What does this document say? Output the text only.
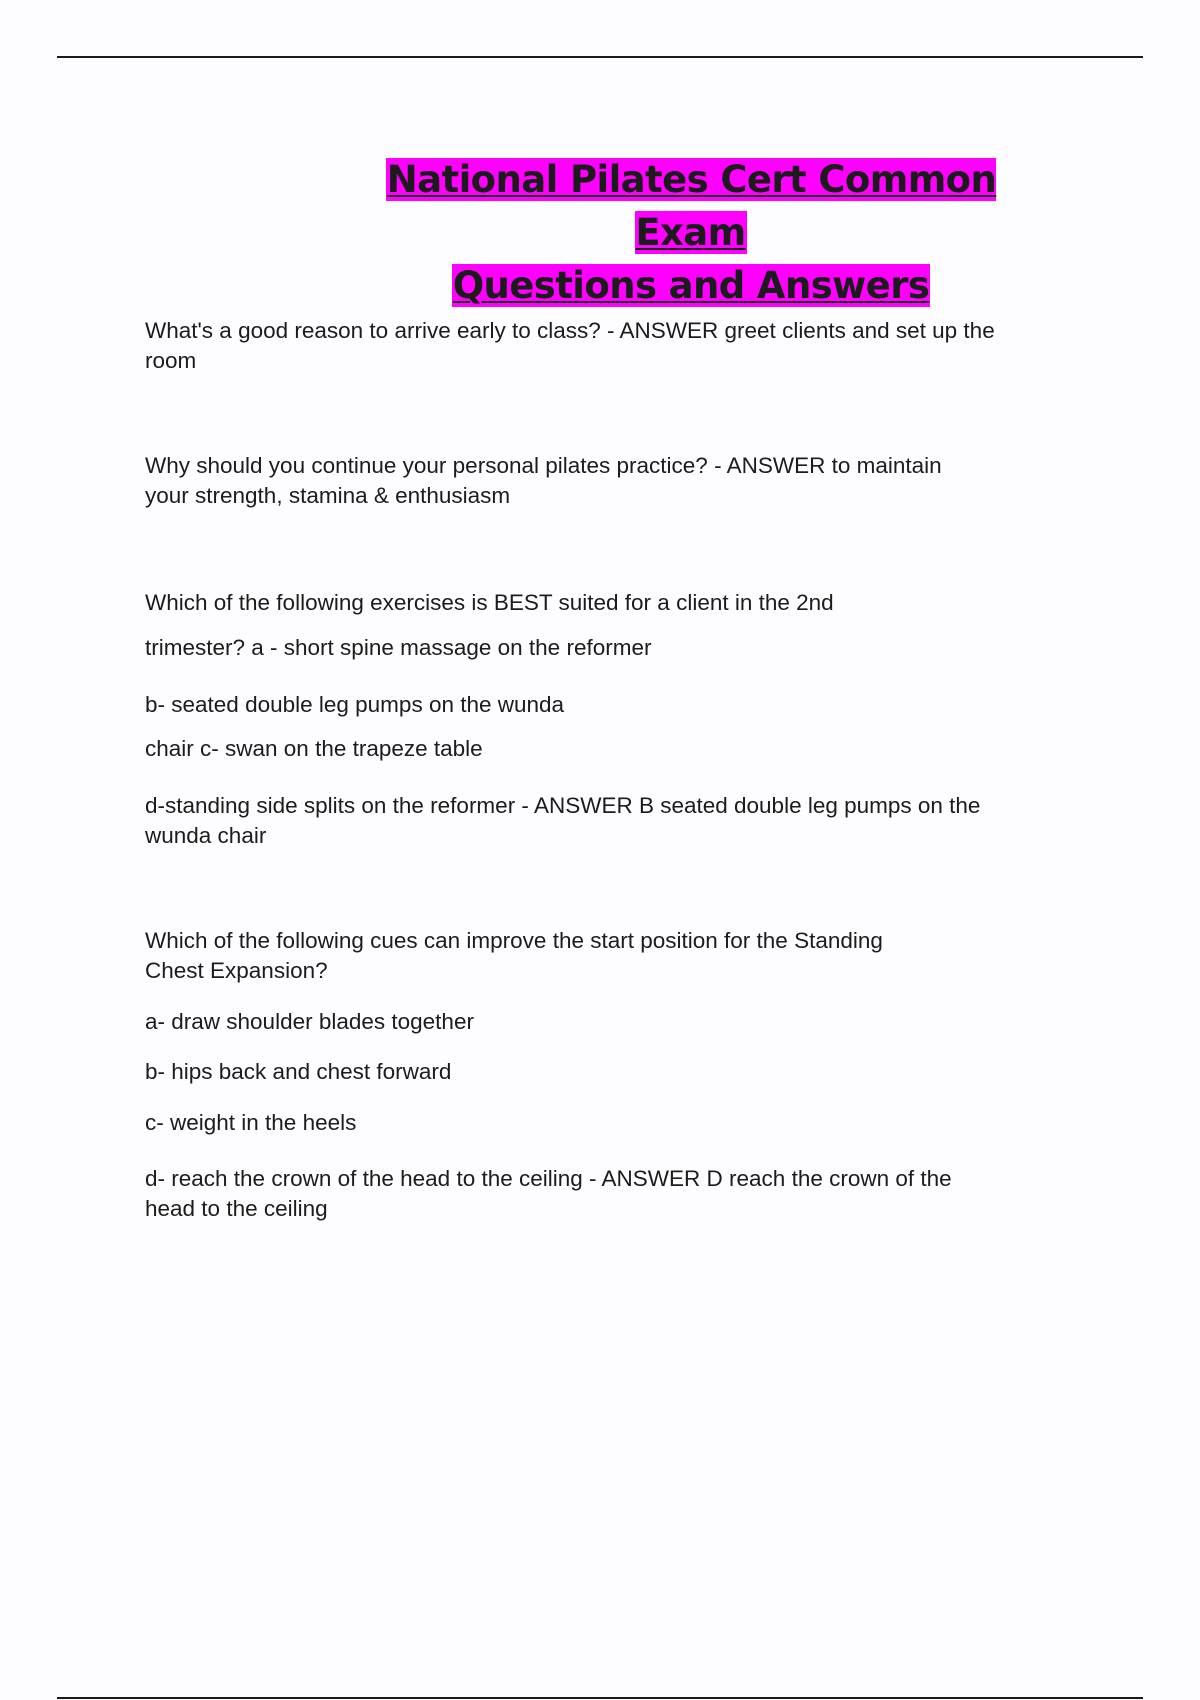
National Pilates Cert Common Exam
Questions and Answers
What's a good reason to arrive early to class? - ANSWER greet clients and set up the
room
Why should you continue your personal pilates practice? - ANSWER to maintain
your strength, stamina & enthusiasm
Which of the following exercises is BEST suited for a client in the 2nd
trimester? a - short spine massage on the reformer
b- seated double leg pumps on the wunda
chair c- swan on the trapeze table
d-standing side splits on the reformer - ANSWER B seated double leg pumps on the
wunda chair
Which of the following cues can improve the start position for the Standing
Chest Expansion?
a- draw shoulder blades together
b- hips back and chest forward
c- weight in the heels
d- reach the crown of the head to the ceiling - ANSWER D reach the crown of the
head to the ceiling
